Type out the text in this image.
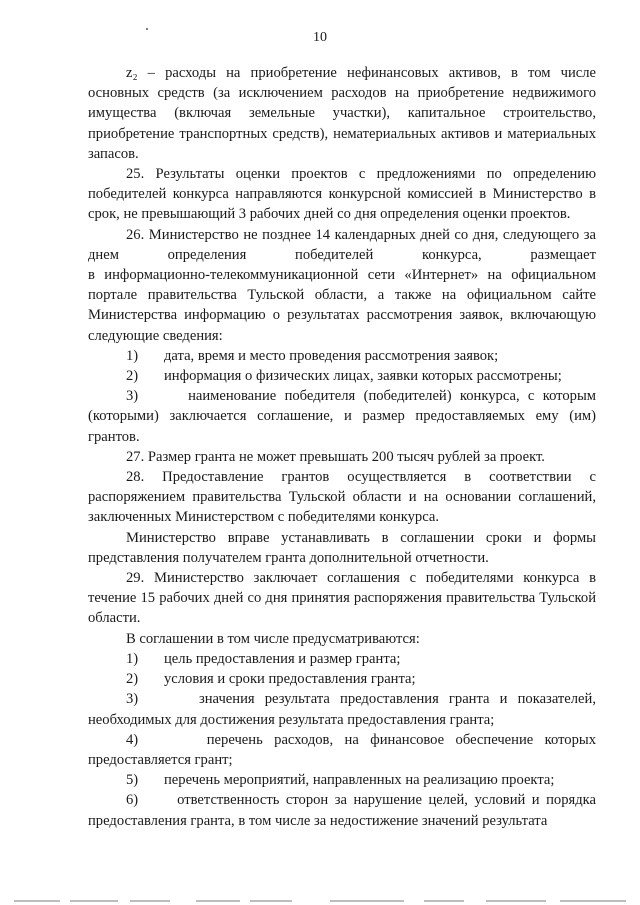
10

z₂ – расходы на приобретение нефинансовых активов, в том числе основных средств (за исключением расходов на приобретение недвижимого имущества (включая земельные участки), капитальное строительство, приобретение транспортных средств), нематериальных активов и материальных запасов.

25. Результаты оценки проектов с предложениями по определению победителей конкурса направляются конкурсной комиссией в Министерство в срок, не превышающий 3 рабочих дней со дня определения оценки проектов.

26. Министерство не позднее 14 календарных дней со дня, следующего за днем определения победителей конкурса, размещает

в информационно-телекоммуникационной сети «Интернет» на официальном портале правительства Тульской области, а также на официальном сайте Министерства информацию о результатах рассмотрения заявок, включающую следующие сведения:

1)	дата, время и место проведения рассмотрения заявок;
2)	информация о физических лицах, заявки которых рассмотрены;

3)	наименование победителя (победителей) конкурса, с которым (которыми) заключается соглашение, и размер предоставляемых ему (им) грантов.

27. Размер гранта не может превышать 200 тысяч рублей за проект.

28. Предоставление грантов осуществляется в соответствии с распоряжением правительства Тульской области и на основании соглашений, заключенных Министерством с победителями конкурса.

Министерство вправе устанавливать в соглашении сроки и формы представления получателем гранта дополнительной отчетности.

29. Министерство заключает соглашения с победителями конкурса в течение 15 рабочих дней со дня принятия распоряжения правительства Тульской области.

В соглашении в том числе предусматриваются:

1)	цель предоставления и размер гранта;
2)	условия и сроки предоставления гранта;

3)	значения результата предоставления гранта и показателей, необходимых для достижения результата предоставления гранта;

4)	перечень расходов, на финансовое обеспечение которых предоставляется грант;

5)	перечень мероприятий, направленных на реализацию проекта;

6)	ответственность сторон за нарушение целей, условий и порядка предоставления гранта, в том числе за недостижение значений результата
